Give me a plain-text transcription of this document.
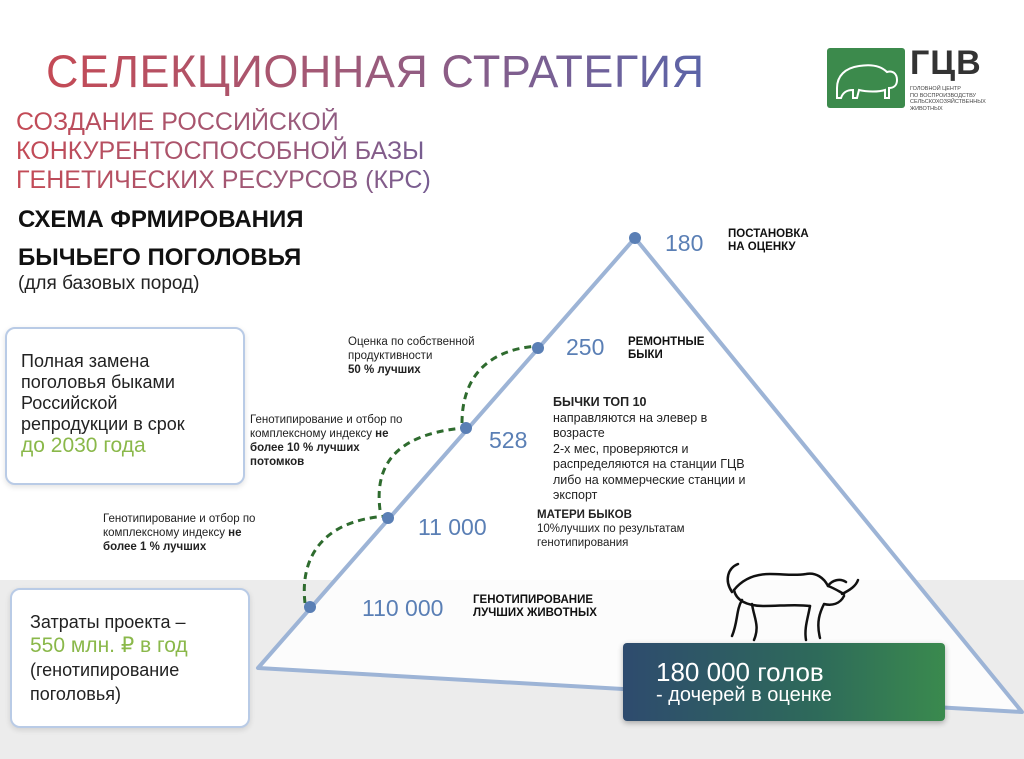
СЕЛЕКЦИОННАЯ СТРАТЕГИЯ
СОЗДАНИЕ РОССИЙСКОЙ
КОНКУРЕНТОСПОСОБНОЙ БАЗЫ
ГЕНЕТИЧЕСКИХ РЕСУРСОВ (КРС)
ГЦВ
ГОЛОВНОЙ ЦЕНТР
ПО ВОСПРОИЗВОДСТВУ
СЕЛЬСКОХОЗЯЙСТВЕННЫХ
ЖИВОТНЫХ
СХЕМА ФРМИРОВАНИЯ
БЫЧЬЕГО ПОГОЛОВЬЯ
(для базовых пород)
Полная замена
поголовья быками
Российской
репродукции в срок
до 2030 года
Затраты проекта –
550 млн. ₽ в год
(генотипирование
поголовья)
180 ПОСТАНОВКА
НА ОЦЕНКУ
250 РЕМОНТНЫЕ
БЫКИ
528
БЫЧКИ ТОП 10
направляются на элевер в
возрасте
2-х мес, проверяются и
распределяются на станции ГЦВ
либо на коммерческие станции и
экспорт
11 000	МАТЕРИ БЫКОВ
10%лучших по результатам
генотипирования
110 000	ГЕНОТИПИРОВАНИЕ
ЛУЧШИХ ЖИВОТНЫХ
Оценка по собственной
продуктивности
50 % лучших
Генотипирование и отбор по
комплексному индексу не
более 10 % лучших
потомков
Генотипирование и отбор по
комплексному индексу не
более 1 % лучших
180 000 голов
- дочерей в оценке
